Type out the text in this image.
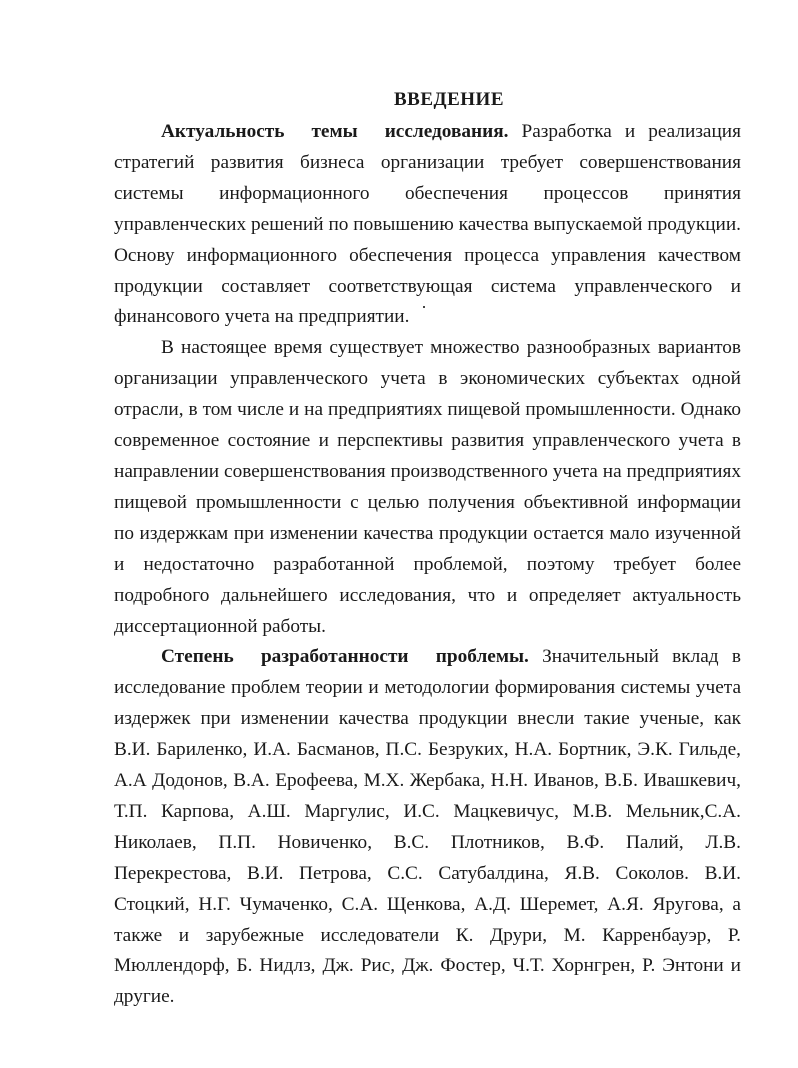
ВВЕДЕНИЕ

Актуальность темы исследования. Разработка и реализация стратегий развития бизнеса организации требует совершенствования системы информационного обеспечения процессов принятия управленческих решений по повышению качества выпускаемой продукции. Основу информационного обеспечения процесса управления качеством продукции составляет соответствующая система управленческого и финансового учета на предприятии.

В настоящее время существует множество разнообразных вариантов организации управленческого учета в экономических субъектах одной отрасли, в том числе и на предприятиях пищевой промышленности. Однако современное состояние и перспективы развития управленческого учета в направлении совершенствования производственного учета на предприятиях пищевой промышленности с целью получения объективной информации по издержкам при изменении качества продукции остается мало изученной и недостаточно разработанной проблемой, поэтому требует более подробного дальнейшего исследования, что и определяет актуальность диссертационной работы.

Степень разработанности проблемы. Значительный вклад в исследование проблем теории и методологии формирования системы учета издержек при изменении качества продукции внесли такие ученые, как В.И. Бариленко, И.А. Басманов, П.С. Безруких, Н.А. Бортник, Э.К. Гильде, А.А Додонов, В.А. Ерофеева, М.Х. Жербака, Н.Н. Иванов, В.Б. Ивашкевич, Т.П. Карпова, А.Ш. Маргулис, И.С. Мацкевичус, М.В. Мельник,С.А. Николаев, П.П. Новиченко, В.С. Плотников, В.Ф. Палий, Л.В. Перекрестова, В.И. Петрова, С.С. Сатубалдина, Я.В. Соколов. В.И. Стоцкий, Н.Г. Чумаченко, С.А. Щенкова, А.Д. Шеремет, А.Я. Яругова, а также и зарубежные исследователи К. Друри, М. Карренбауэр, Р. Мюллендорф, Б. Нидлз, Дж. Рис, Дж. Фостер, Ч.Т. Хорнгрен, Р. Энтони и другие.
